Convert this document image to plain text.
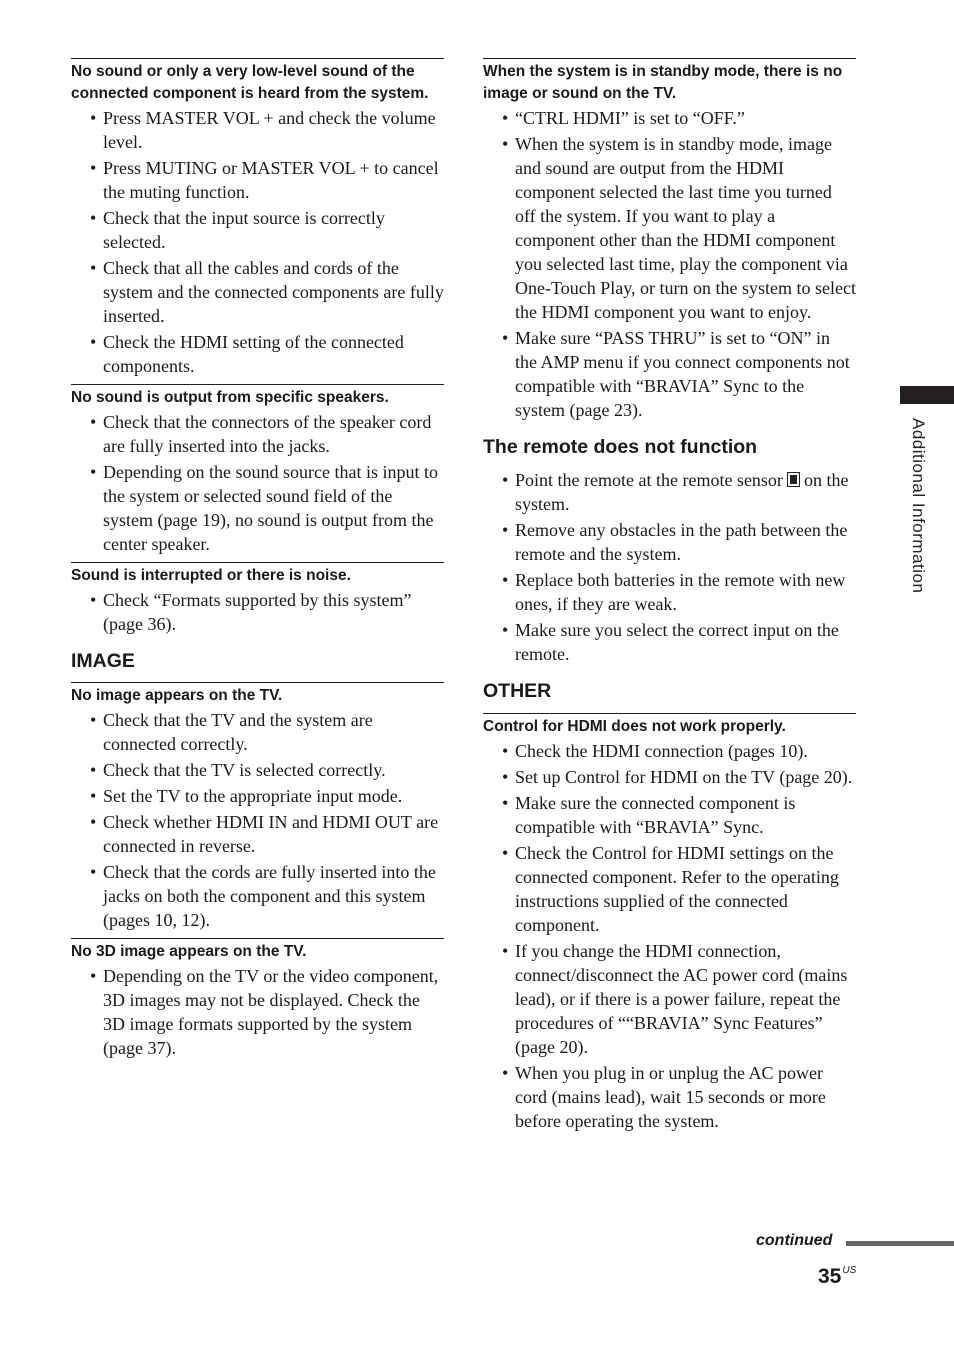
No sound or only a very low-level sound of the connected component is heard from the system.

• Press MASTER VOL + and check the volume level.
• Press MUTING or MASTER VOL + to cancel the muting function.
• Check that the input source is correctly selected.
• Check that all the cables and cords of the system and the connected components are fully inserted.
• Check the HDMI setting of the connected components.

No sound is output from specific speakers.

• Check that the connectors of the speaker cord are fully inserted into the jacks.
• Depending on the sound source that is input to the system or selected sound field of the system (page 19), no sound is output from the center speaker.

Sound is interrupted or there is noise.

• Check “Formats supported by this system” (page 36).
IMAGE

No image appears on the TV.

• Check that the TV and the system are connected correctly.
• Check that the TV is selected correctly.
• Set the TV to the appropriate input mode.
• Check whether HDMI IN and HDMI OUT are connected in reverse.
• Check that the cords are fully inserted into the jacks on both the component and this system (pages 10, 12).

No 3D image appears on the TV.

• Depending on the TV or the video component, 3D images may not be displayed. Check the 3D image formats supported by the system (page 37).

When the system is in standby mode, there is no image or sound on the TV.

• “CTRL HDMI” is set to “OFF.”
• When the system is in standby mode, image and sound are output from the HDMI component selected the last time you turned off the system. If you want to play a component other than the HDMI component you selected last time, play the component via One-Touch Play, or turn on the system to select the HDMI component you want to enjoy.
• Make sure “PASS THRU” is set to “ON” in the AMP menu if you connect components not compatible with “BRAVIA” Sync to the system (page 23).
The remote does not function
• Point the remote at the remote sensor on the system.
• Remove any obstacles in the path between the remote and the system.
• Replace both batteries in the remote with new ones, if they are weak.
• Make sure you select the correct input on the remote.
OTHER

Control for HDMI does not work properly.

• Check the HDMI connection (pages 10).
• Set up Control for HDMI on the TV (page 20).
• Make sure the connected component is compatible with “BRAVIA” Sync.
• Check the Control for HDMI settings on the connected component. Refer to the operating instructions supplied of the connected component.
• If you change the HDMI connection, connect/disconnect the AC power cord (mains lead), or if there is a power failure, repeat the procedures of ““BRAVIA” Sync Features” (page 20).
• When you plug in or unplug the AC power cord (mains lead), wait 15 seconds or more before operating the system.
Additional Information
continued
$35^{US}$
